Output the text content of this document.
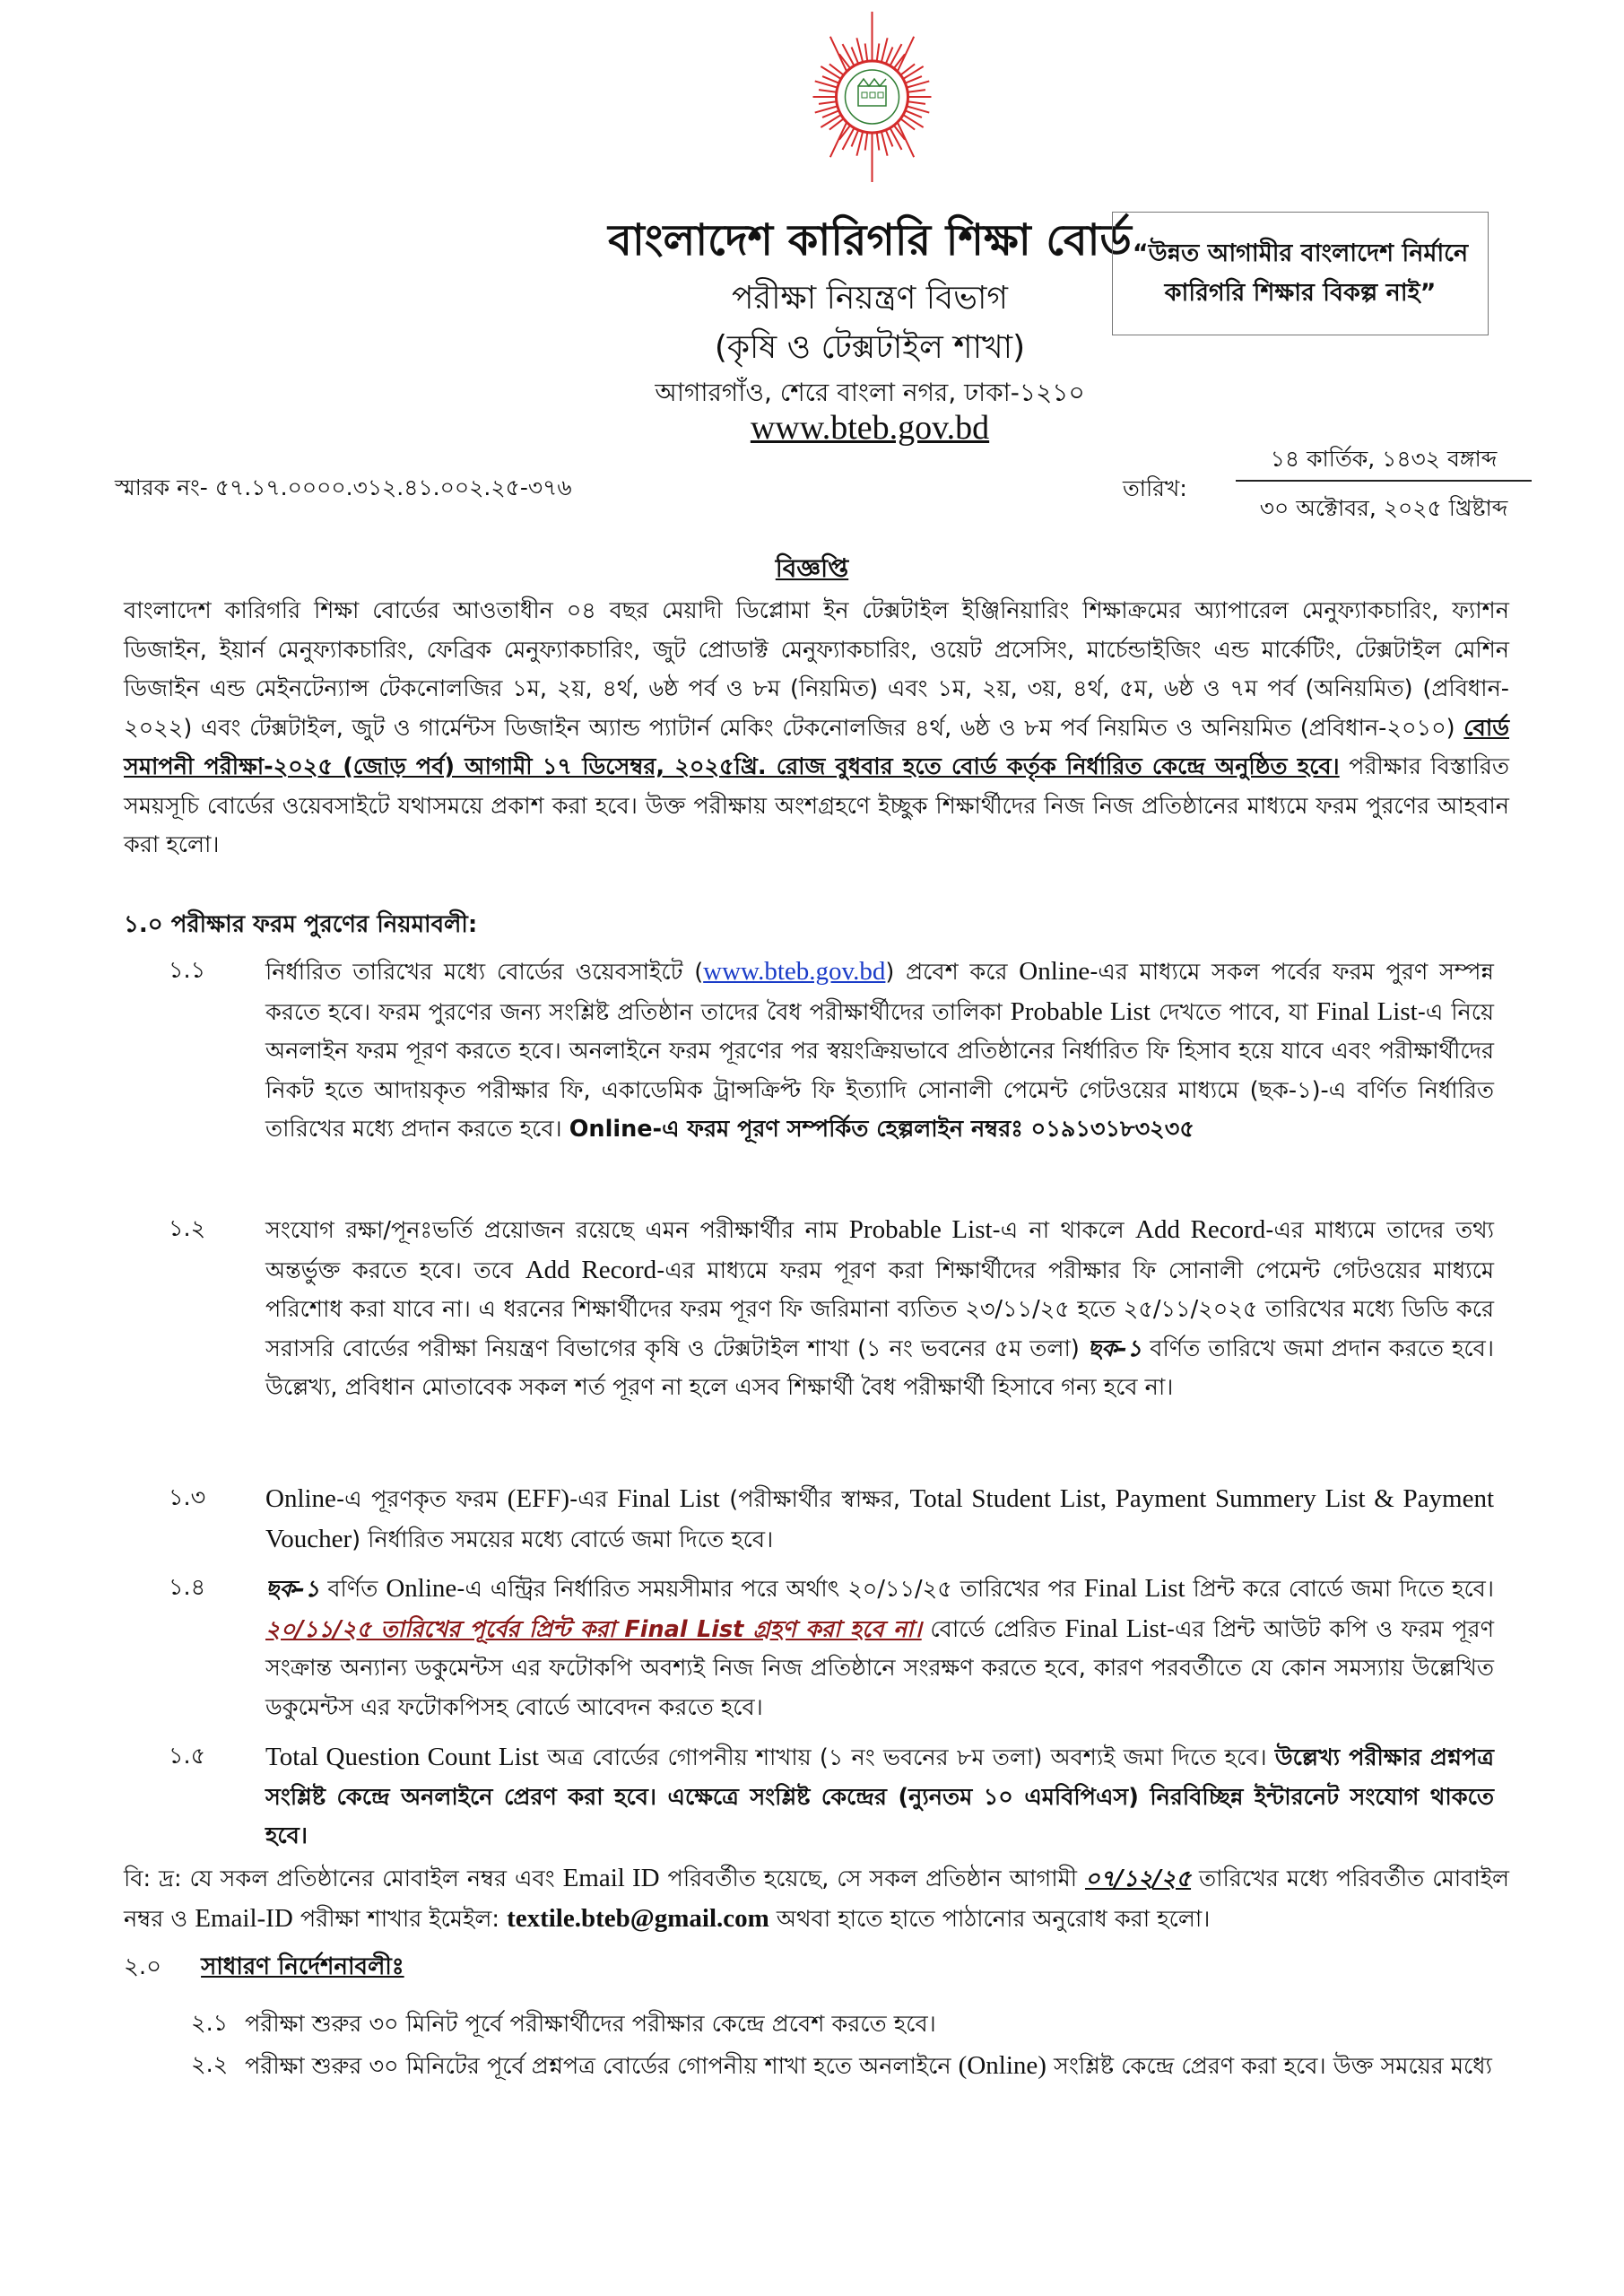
বাংলাদেশ কারিগরি শিক্ষা বোর্ড
পরীক্ষা নিয়ন্ত্রণ বিভাগ
(কৃষি ও টেক্সটাইল শাখা)
আগারগাঁও, শেরে বাংলা নগর, ঢাকা-১২১০
www.bteb.gov.bd
“উন্নত আগামীর বাংলাদেশ নির্মানে
কারিগরি শিক্ষার বিকল্প নাই”
স্মারক নং- ৫৭.১৭.০০০০.৩১২.৪১.০০২.২৫-৩৭৬	তারিখ:
১৪ কার্তিক, ১৪৩২ বঙ্গাব্দ
৩০ অক্টোবর, ২০২৫ খ্রিষ্টাব্দ
বিজ্ঞপ্তি
বাংলাদেশ কারিগরি শিক্ষা বোর্ডের আওতাধীন ০৪ বছর মেয়াদী ডিপ্লোমা ইন টেক্সটাইল ইঞ্জিনিয়ারিং শিক্ষাক্রমের অ্যাপারেল মেনুফ্যাকচারিং, ফ্যাশন ডিজাইন, ইয়ার্ন মেনুফ্যাকচারিং, ফেব্রিক মেনুফ্যাকচারিং, জুট প্রোডাক্ট মেনুফ্যাকচারিং, ওয়েট প্রসেসিং, মার্চেন্ডাইজিং এন্ড মার্কেটিং, টেক্সটাইল মেশিন ডিজাইন এন্ড মেইনটেন্যান্স টেকনোলজির ১ম, ২য়, ৪র্থ, ৬ষ্ঠ পর্ব ও ৮ম (নিয়মিত) এবং ১ম, ২য়, ৩য়, ৪র্থ, ৫ম, ৬ষ্ঠ ও ৭ম পর্ব (অনিয়মিত) (প্রবিধান- ২০২২) এবং টেক্সটাইল, জুট ও গার্মেন্টস ডিজাইন অ্যান্ড প্যাটার্ন মেকিং টেকনোলজির ৪র্থ, ৬ষ্ঠ ও ৮ম পর্ব নিয়মিত ও অনিয়মিত (প্রবিধান-২০১০) বোর্ড সমাপনী পরীক্ষা-২০২৫ (জোড় পর্ব) আগামী ১৭ ডিসেম্বর, ২০২৫খ্রি. রোজ বুধবার হতে বোর্ড কর্তৃক নির্ধারিত কেন্দ্রে অনুষ্ঠিত হবে। পরীক্ষার বিস্তারিত সময়সূচি বোর্ডের ওয়েবসাইটে যথাসময়ে প্রকাশ করা হবে। উক্ত পরীক্ষায় অংশগ্রহণে ইচ্ছুক শিক্ষার্থীদের নিজ নিজ প্রতিষ্ঠানের মাধ্যমে ফরম পুরণের আহবান করা হলো।
১.০ পরীক্ষার ফরম পুরণের নিয়মাবলী:
১.১	নির্ধারিত তারিখের মধ্যে বোর্ডের ওয়েবসাইটে (www.bteb.gov.bd) প্রবেশ করে Online-এর মাধ্যমে সকল পর্বের ফরম পুরণ সম্পন্ন করতে হবে। ফরম পুরণের জন্য সংশ্লিষ্ট প্রতিষ্ঠান তাদের বৈধ পরীক্ষার্থীদের তালিকা Probable List দেখতে পাবে, যা Final List-এ নিয়ে অনলাইন ফরম পূরণ করতে হবে। অনলাইনে ফরম পূরণের পর স্বয়ংক্রিয়ভাবে প্রতিষ্ঠানের নির্ধারিত ফি হিসাব হয়ে যাবে এবং পরীক্ষার্থীদের নিকট হতে আদায়কৃত পরীক্ষার ফি, একাডেমিক ট্রান্সক্রিপ্ট ফি ইত্যাদি সোনালী পেমেন্ট গেটওয়ের মাধ্যমে (ছক-১)-এ বর্ণিত নির্ধারিত তারিখের মধ্যে প্রদান করতে হবে। Online-এ ফরম পূরণ সম্পর্কিত হেল্পলাইন নম্বরঃ ০১৯১৩১৮৩২৩৫
১.২	সংযোগ রক্ষা/পূনঃভর্তি প্রয়োজন রয়েছে এমন পরীক্ষার্থীর নাম Probable List-এ না থাকলে Add Record-এর মাধ্যমে তাদের তথ্য অন্তর্ভুক্ত করতে হবে। তবে Add Record-এর মাধ্যমে ফরম পূরণ করা শিক্ষার্থীদের পরীক্ষার ফি সোনালী পেমেন্ট গেটওয়ের মাধ্যমে পরিশোধ করা যাবে না। এ ধরনের শিক্ষার্থীদের ফরম পূরণ ফি জরিমানা ব্যতিত ২৩/১১/২৫ হতে ২৫/১১/২০২৫ তারিখের মধ্যে ডিডি করে সরাসরি বোর্ডের পরীক্ষা নিয়ন্ত্রণ বিভাগের কৃষি ও টেক্সটাইল শাখা (১ নং ভবনের ৫ম তলা) ছক-১ বর্ণিত তারিখে জমা প্রদান করতে হবে। উল্লেখ্য, প্রবিধান মোতাবেক সকল শর্ত পূরণ না হলে এসব শিক্ষার্থী বৈধ পরীক্ষার্থী হিসাবে গন্য হবে না।
১.৩ Online-এ পূরণকৃত ফরম (EFF)-এর Final List (পরীক্ষার্থীর স্বাক্ষর, Total Student List, Payment Summery List & Payment Voucher) নির্ধারিত সময়ের মধ্যে বোর্ডে জমা দিতে হবে।
১.৪	ছক-১ বর্ণিত Online-এ এন্ট্রির নির্ধারিত সময়সীমার পরে অর্থাৎ ২০/১১/২৫ তারিখের পর Final List প্রিন্ট করে বোর্ডে জমা দিতে হবে।২০/১১/২৫ তারিখের পূর্বের প্রিন্ট করা Final List গ্রহণ করা হবে না। বোর্ডে প্রেরিত Final List-এর প্রিন্ট আউট কপি ও ফরম পূরণ সংক্রান্ত অন্যান্য ডকুমেন্টস এর ফটোকপি অবশ্যই নিজ নিজ প্রতিষ্ঠানে সংরক্ষণ করতে হবে, কারণ পরবর্তীতে যে কোন সমস্যায় উল্লেখিত ডকুমেন্টস এর ফটোকপিসহ বোর্ডে আবেদন করতে হবে।
১.৫ Total Question Count List অত্র বোর্ডের গোপনীয় শাখায় (১ নং ভবনের ৮ম তলা) অবশ্যই জমা দিতে হবে। উল্লেখ্য পরীক্ষার প্রশ্নপত্র সংশ্লিষ্ট কেন্দ্রে অনলাইনে প্রেরণ করা হবে। এক্ষেত্রে সংশ্লিষ্ট কেন্দ্রের (ন্যুনতম ১০ এমবিপিএস) নিরবিচ্ছিন্ন ইন্টারনেট সংযোগ থাকতে হবে।
বি: দ্র: যে সকল প্রতিষ্ঠানের মোবাইল নম্বর এবং Email ID পরিবর্তীত হয়েছে, সে সকল প্রতিষ্ঠান আগামী ০৭/১২/২৫ তারিখের মধ্যে পরিবর্তীত মোবাইল নম্বর ও Email-ID পরীক্ষা শাখার ইমেইল: textile.bteb@gmail.com অথবা হাতে হাতে পাঠানোর অনুরোধ করা হলো।
২.০ সাধারণ নির্দেশনাবলীঃ
২.১ পরীক্ষা শুরুর ৩০ মিনিট পূর্বে পরীক্ষার্থীদের পরীক্ষার কেন্দ্রে প্রবেশ করতে হবে।
২.২ পরীক্ষা শুরুর ৩০ মিনিটের পূর্বে প্রশ্নপত্র বোর্ডের গোপনীয় শাখা হতে অনলাইনে (Online) সংশ্লিষ্ট কেন্দ্রে প্রেরণ করা হবে। উক্ত সময়ের মধ্যে
